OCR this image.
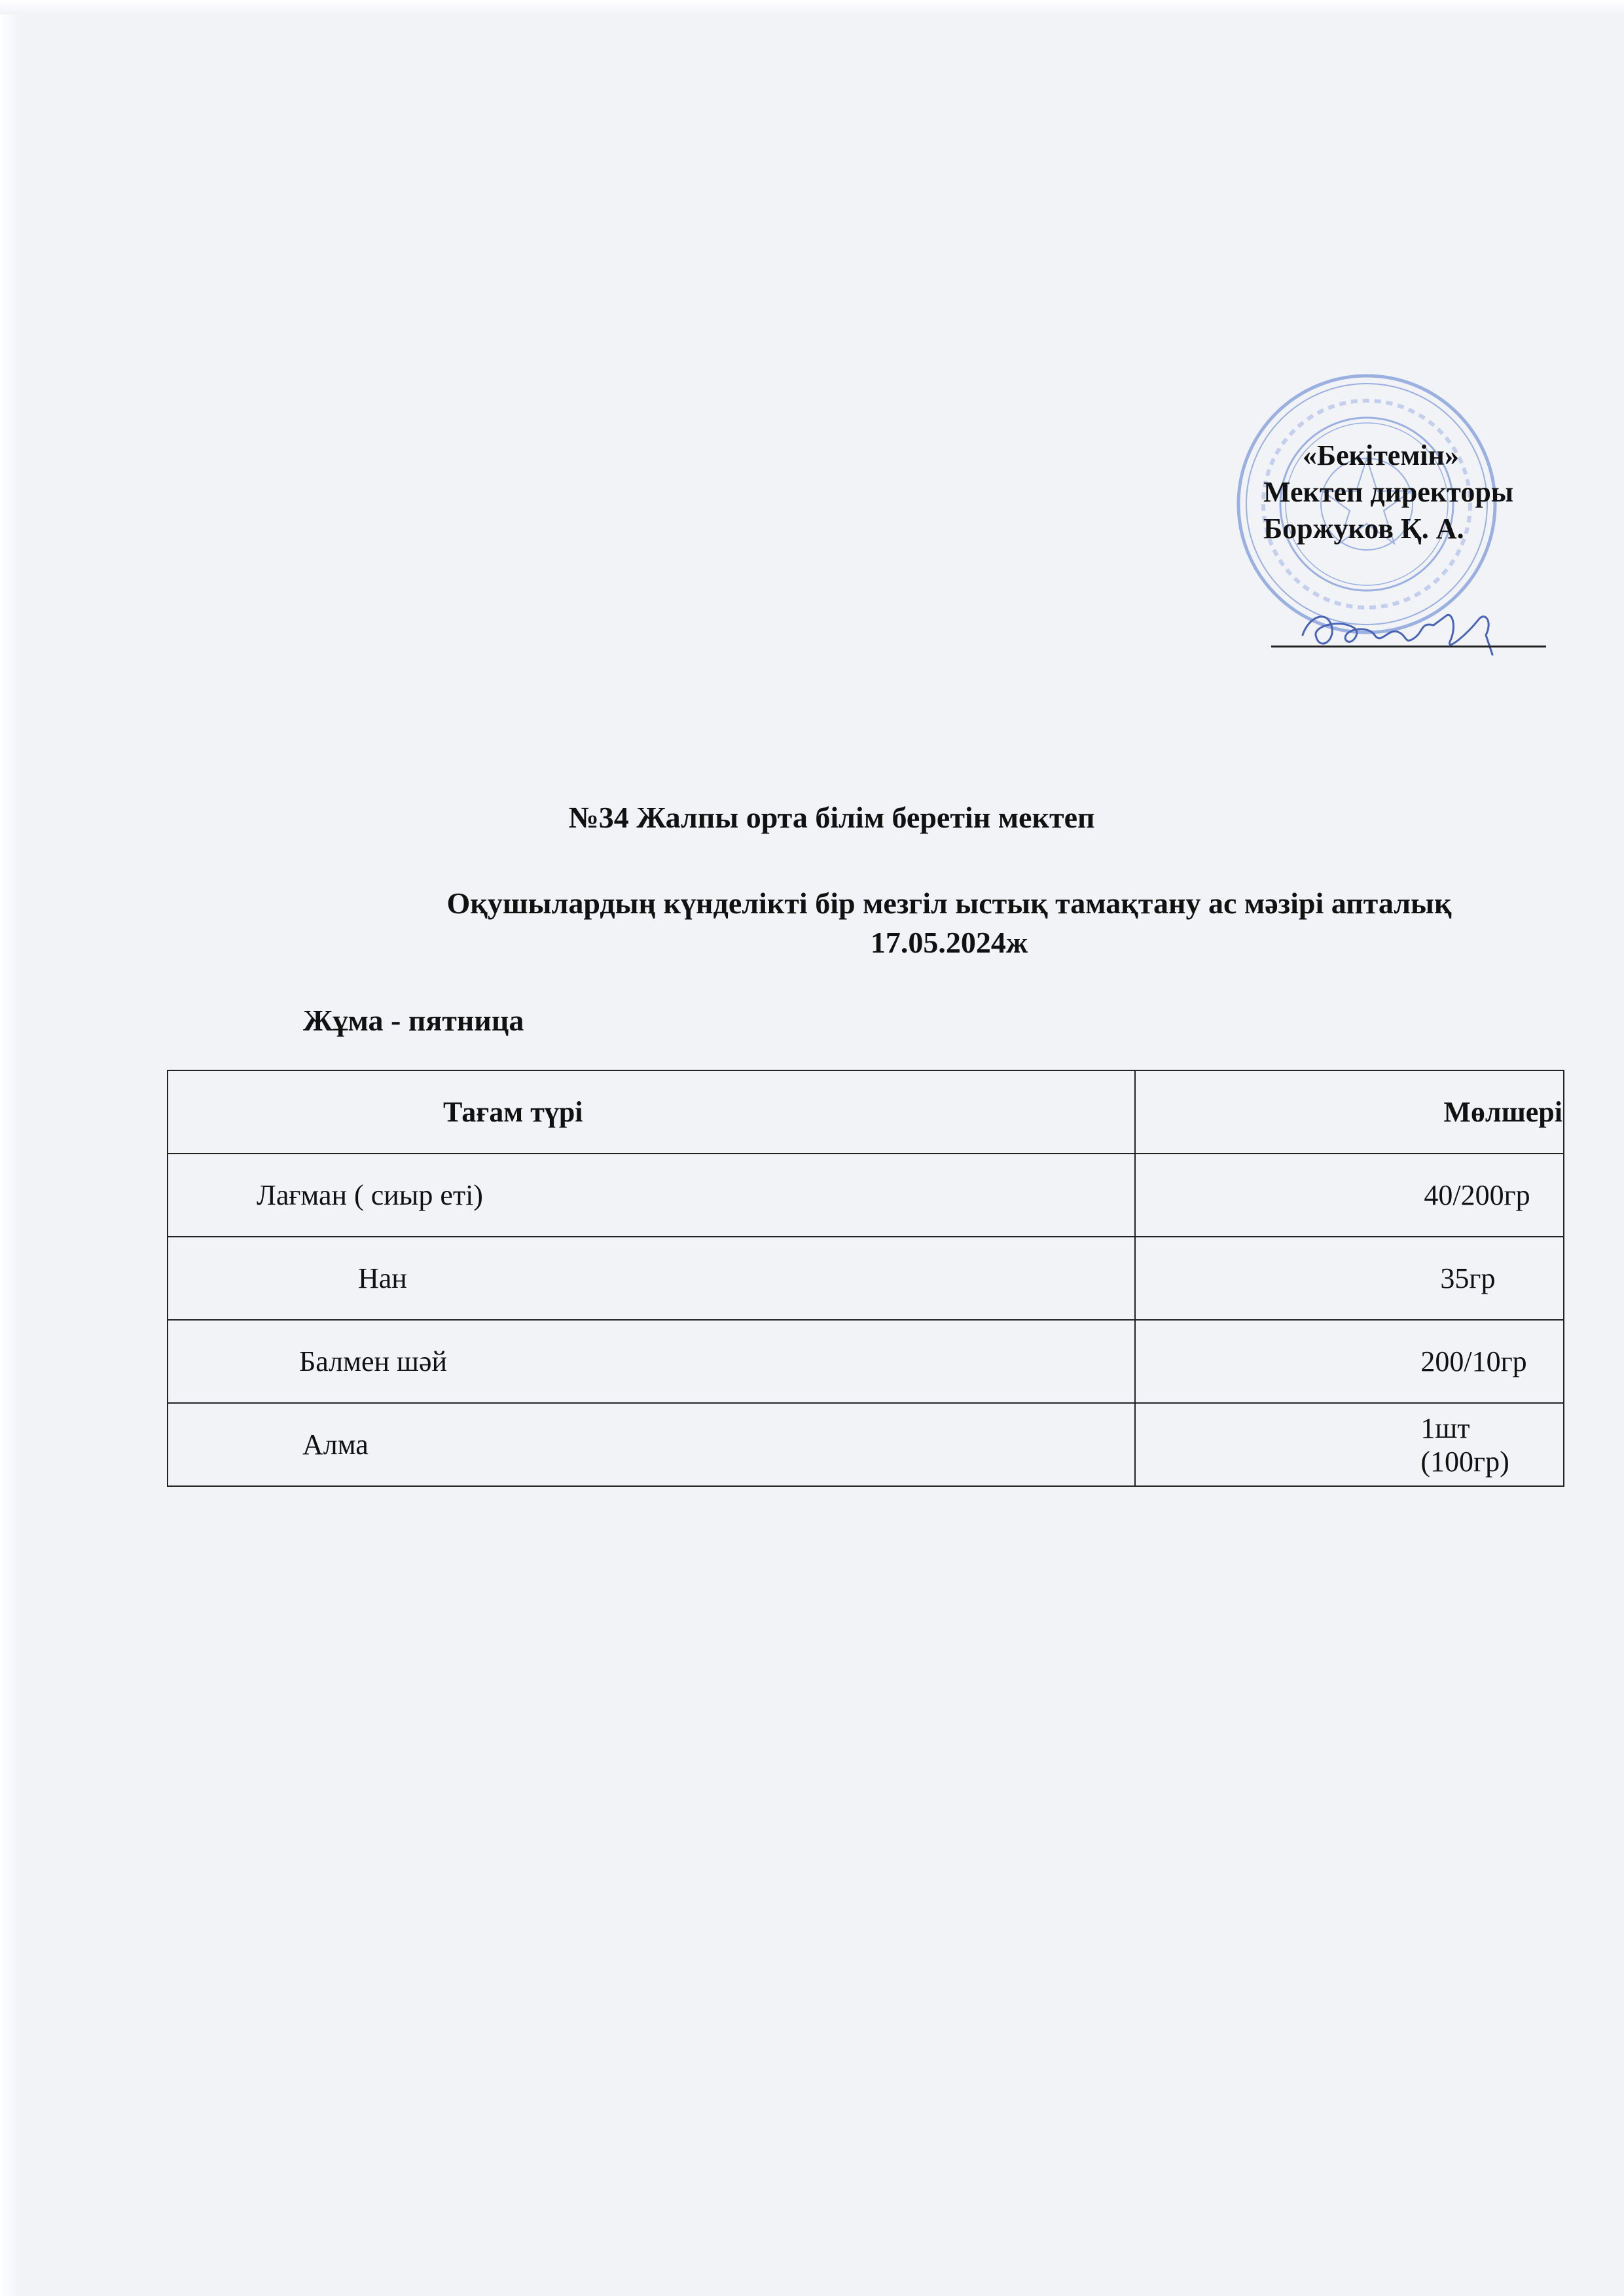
«Бекітемін»
Мектеп директоры
Боржуков Қ. А.
№34 Жалпы орта білім беретін мектеп
Оқушылардың күнделікті бір мезгіл ыстық тамақтану ас мәзірі апталық
17.05.2024ж
Жұма - пятница
Тағам түрі	Мөлшері
Лағман ( сиыр еті)	40/200гр
Нан	35гр
Балмен шәй	200/10гр
Алма	1шт (100гр)
